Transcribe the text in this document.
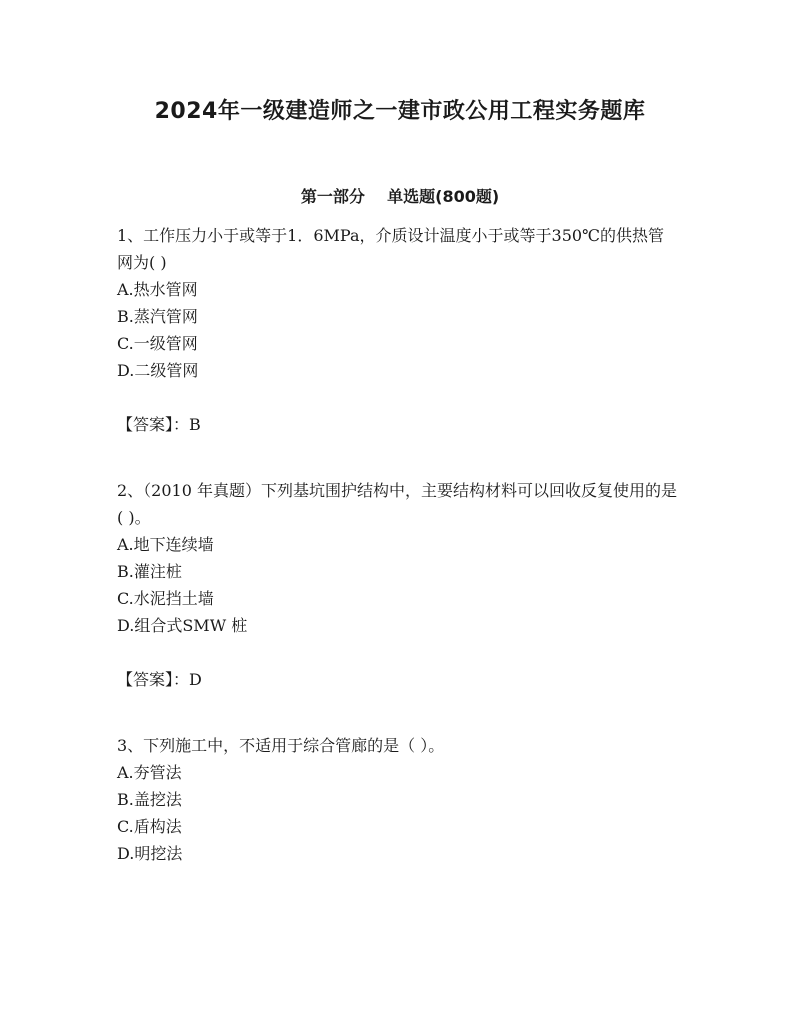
2024年一级建造师之一建市政公用工程实务题库
第一部分    单选题(800题)

1、工作压力小于或等于1．6MPa，介质设计温度小于或等于350℃的供热管网为( )

A.热水管网

B.蒸汽管网

C.一级管网

D.二级管网

【答案】：B

2、（2010 年真题）下列基坑围护结构中，主要结构材料可以回收反复使用的是( )。

A.地下连续墙

B.灌注桩

C.水泥挡土墙

D.组合式SMW 桩

【答案】：D

3、下列施工中，不适用于综合管廊的是（ ）。

A.夯管法

B.盖挖法

C.盾构法

D.明挖法
